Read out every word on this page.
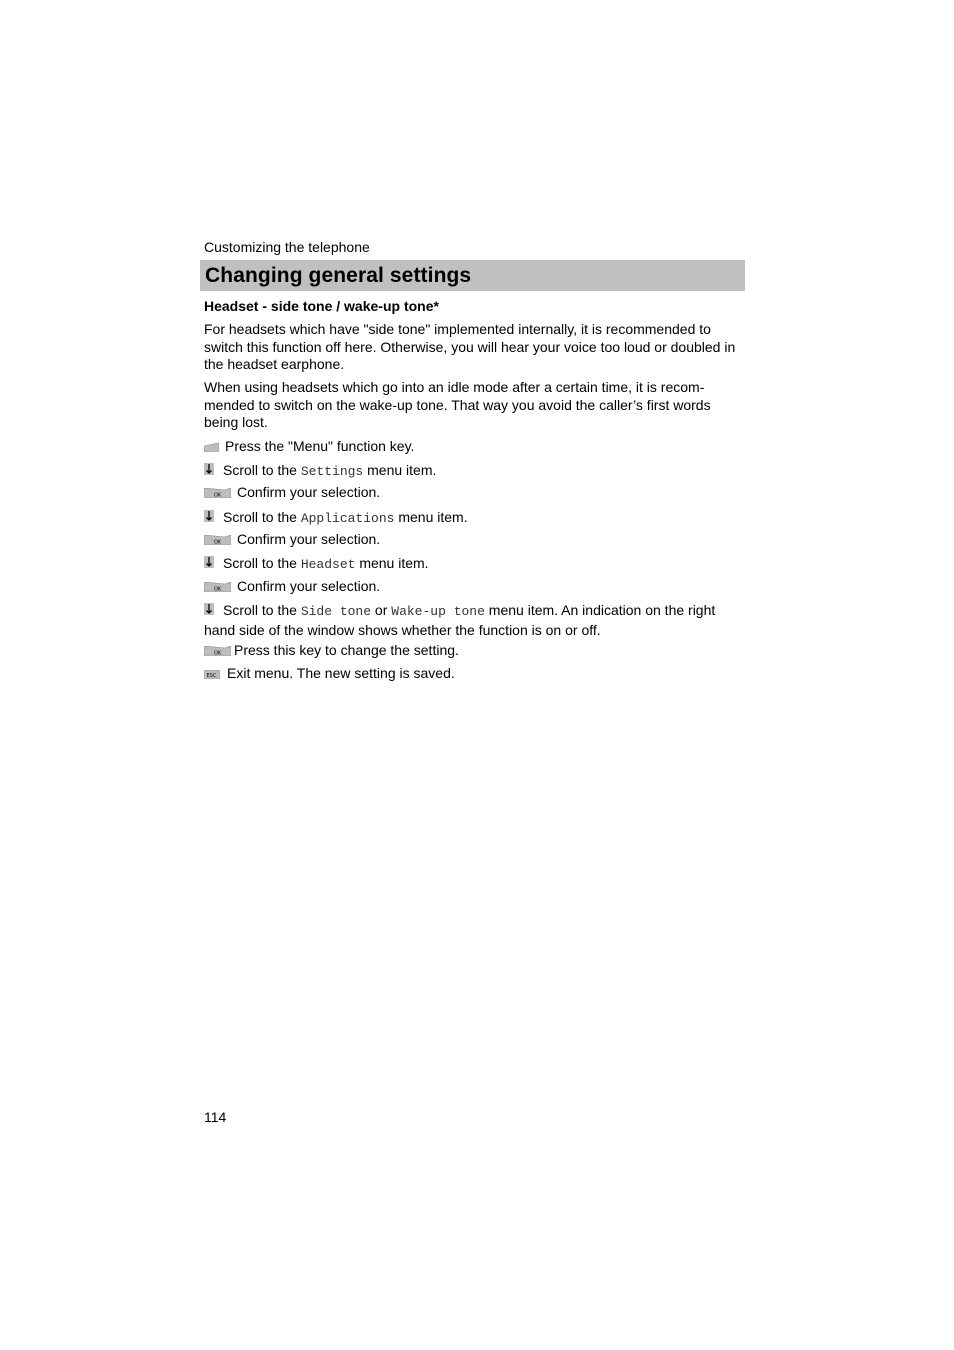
Customizing the telephone
Changing general settings
Headset - side tone / wake-up tone*
For headsets which have "side tone" implemented internally, it is recommended to switch this function off here. Otherwise, you will hear your voice too loud or doubled in the headset earphone.
When using headsets which go into an idle mode after a certain time, it is recom- mended to switch on the wake-up tone. That way you avoid the caller’s first words being lost.
Press the "Menu" function key.
Scroll to the Settings menu item.
OK Confirm your selection.
Scroll to the Applications menu item.
OK Confirm your selection.
Scroll to the Headset menu item.
OK Confirm your selection.
Scroll to the Side tone or Wake-up tone menu item. An indication on the right hand side of the window shows whether the function is on or off.
OK Press this key to change the setting.
ESC Exit menu. The new setting is saved.
114
